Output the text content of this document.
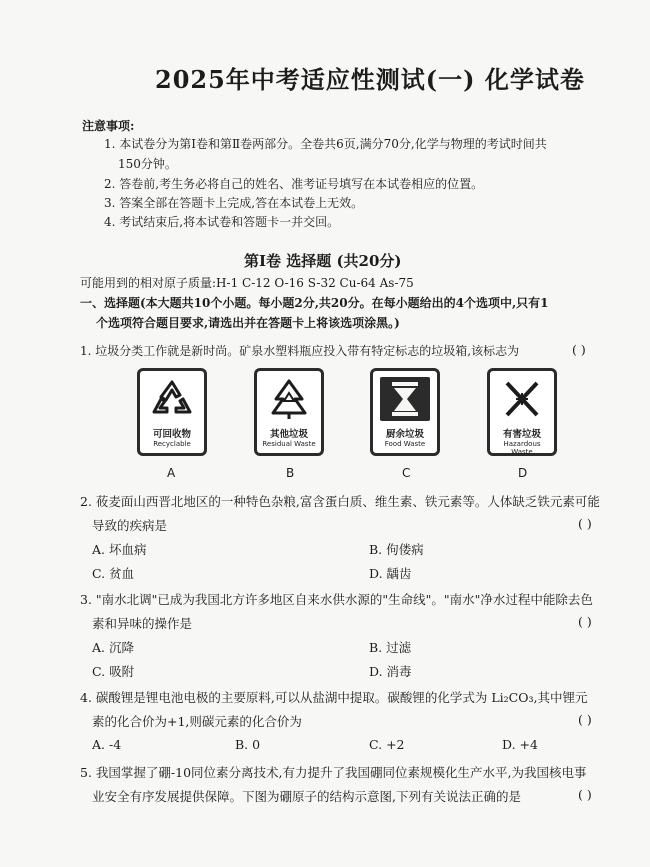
2025年中考适应性测试(一) 化学试卷
注意事项:
1. 本试卷分为第Ⅰ卷和第Ⅱ卷两部分。全卷共6页,满分70分,化学与物理的考试时间共
150分钟。
2. 答卷前,考生务必将自己的姓名、准考证号填写在本试卷相应的位置。
3. 答案全部在答题卡上完成,答在本试卷上无效。
4. 考试结束后,将本试卷和答题卡一并交回。
第Ⅰ卷 选择题 (共20分)
可能用到的相对原子质量:H-1 C-12 O-16 S-32 Cu-64 As-75
一、选择题(本大题共10个小题。每小题2分,共20分。在每小题给出的4个选项中,只有1
个选项符合题目要求,请选出并在答题卡上将该选项涂黑。)
1. 垃圾分类工作就是新时尚。矿泉水塑料瓶应投入带有特定标志的垃圾箱,该标志为	( )
可回收物
Recyclable
其他垃圾
Residual Waste
厨余垃圾
Food Waste
有害垃圾
Hazardous Waste
A	B	C	D
2. 莜麦面山西晋北地区的一种特色杂粮,富含蛋白质、维生素、铁元素等。人体缺乏铁元素可能
导致的疾病是	( )
A. 坏血病	B. 佝偻病
C. 贫血	D. 龋齿
3. "南水北调"已成为我国北方许多地区自来水供水源的"生命线"。"南水"净水过程中能除去色
素和异味的操作是	( )
A. 沉降	B. 过滤
C. 吸附	D. 消毒
4. 碳酸锂是锂电池电极的主要原料,可以从盐湖中提取。碳酸锂的化学式为 Li₂CO₃,其中锂元
素的化合价为+1,则碳元素的化合价为	( )
A. -4	B. 0	C. +2	D. +4
5. 我国掌握了硼-10同位素分离技术,有力提升了我国硼同位素规模化生产水平,为我国核电事
业安全有序发展提供保障。下图为硼原子的结构示意图,下列有关说法正确的是	( )
